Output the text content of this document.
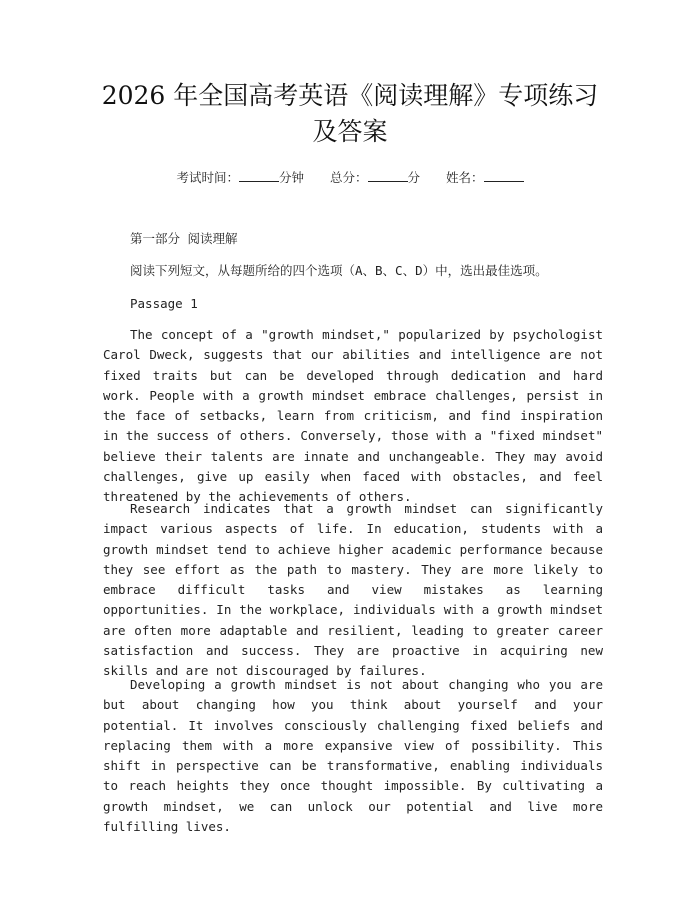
2026 年全国高考英语《阅读理解》专项练习
及答案
考试时间：	分钟 总分：	分 姓名：
第一部分 阅读理解
阅读下列短文，从每题所给的四个选项（A、B、C、D）中，选出最佳选项。
Passage 1

The concept of a "growth mindset," popularized by psychologist Carol Dweck, suggests that our abilities and intelligence are not fixed traits but can be developed through dedication and hard work. People with a growth mindset embrace challenges, persist in the face of setbacks, learn from criticism, and find inspiration in the success of others. Conversely, those with a "fixed mindset" believe their talents are innate and unchangeable. They may avoid challenges, give up easily when faced with obstacles, and feel threatened by the achievements of others.

Research indicates that a growth mindset can significantly impact various aspects of life. In education, students with a growth mindset tend to achieve higher academic performance because they see effort as the path to mastery. They are more likely to embrace difficult tasks and view mistakes as learning opportunities. In the workplace, individuals with a growth mindset are often more adaptable and resilient, leading to greater career satisfaction and success. They are proactive in acquiring new skills and are not discouraged by failures.

Developing a growth mindset is not about changing who you are but about changing how you think about yourself and your potential. It involves consciously challenging fixed beliefs and replacing them with a more expansive view of possibility. This shift in perspective can be transformative, enabling individuals to reach heights they once thought impossible. By cultivating a growth mindset, we can unlock our potential and live more fulfilling lives.
